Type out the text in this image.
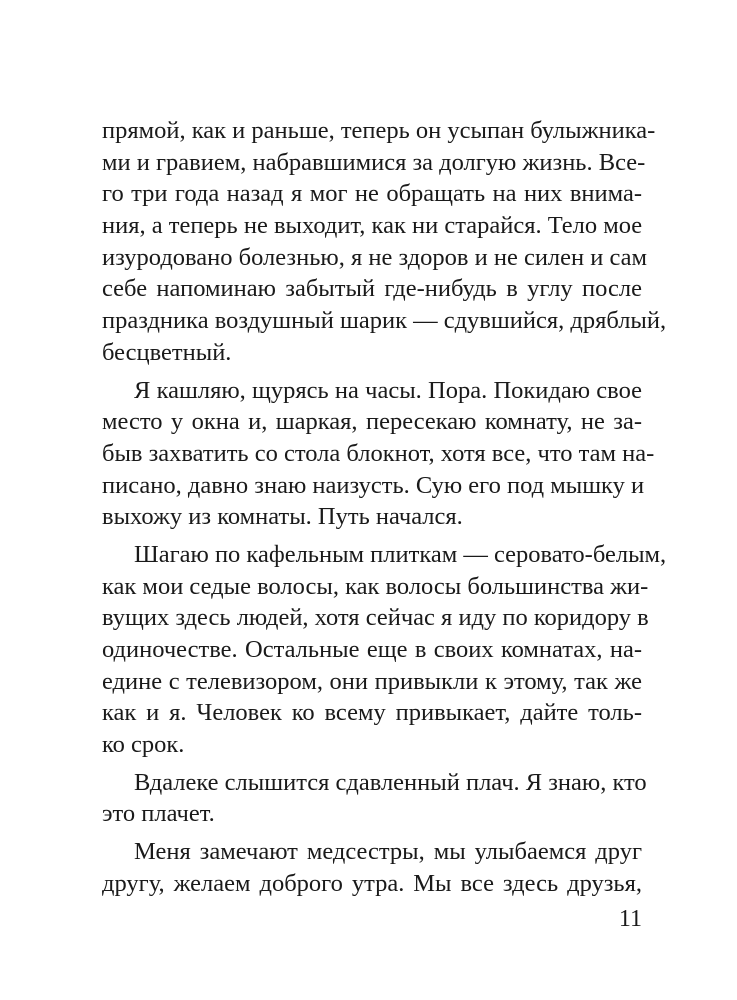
прямой, как и раньше, теперь он усыпан булыжника-
ми и гравием, набравшимися за долгую жизнь. Все-
го три года назад я мог не обращать на них внима-
ния, а теперь не выходит, как ни старайся. Тело мое
изуродовано болезнью, я не здоров и не силен и сам
себе напоминаю забытый где-нибудь в углу после
праздника воздушный шарик — сдувшийся, дряблый,
бесцветный.
Я кашляю, щурясь на часы. Пора. Покидаю свое
место у окна и, шаркая, пересекаю комнату, не за-
быв захватить со стола блокнот, хотя все, что там на-
писано, давно знаю наизусть. Сую его под мышку и
выхожу из комнаты. Путь начался.
Шагаю по кафельным плиткам — серовато-белым,
как мои седые волосы, как волосы большинства жи-
вущих здесь людей, хотя сейчас я иду по коридору в
одиночестве. Остальные еще в своих комнатах, на-
едине с телевизором, они привыкли к этому, так же
как и я. Человек ко всему привыкает, дайте толь-
ко срок.
Вдалеке слышится сдавленный плач. Я знаю, кто
это плачет.
Меня замечают медсестры, мы улыбаемся друг
другу, желаем доброго утра. Мы все здесь друзья,
11
